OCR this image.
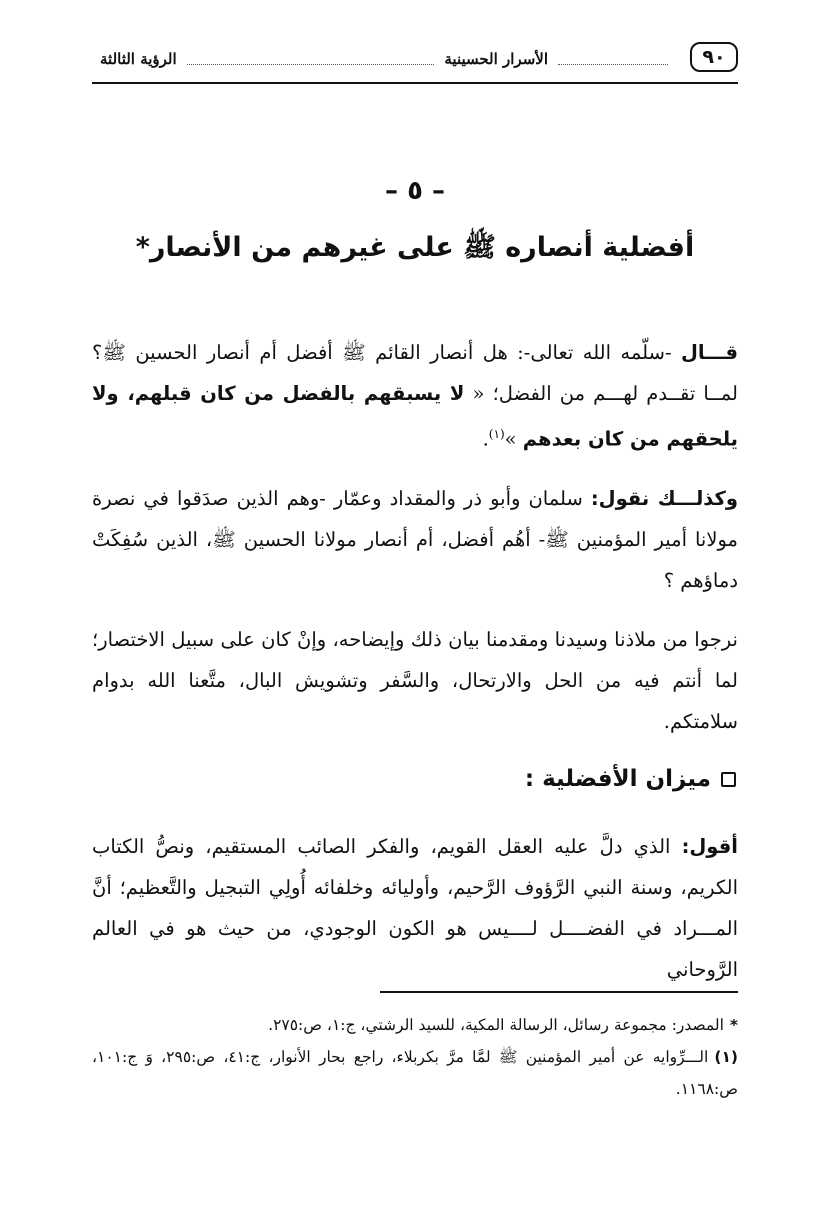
٩٠
الأسرار الحسينية
الرؤية الثالثة
– ٥ –
أفضلية أنصاره ﷺ على غيرهم من الأنصار*
قـــال -سلّمه الله تعالى-: هل أنصار القائم ﷺ أفضل أم أنصار الحسين ﷺ؟ لمــا تقــدم لهـــم من الفضل؛ « لا يسبقهم بالفضل من كان قبلهم، ولا يلحقهم من كان بعدهم »$^{(١)}$.
وكذلـــك نقول: سلمان وأبو ذر والمقداد وعمّار -وهم الذين صدَقوا في نصرة مولانا أمير المؤمنين ﷺ- أهُم أفضل، أم أنصار مولانا الحسين ﷺ، الذين سُفِكَتْ دماؤهم ؟
نرجوا من ملاذنا وسيدنا ومقدمنا بيان ذلك وإيضاحه، وإنْ كان على سبيل الاختصار؛ لما أنتم فيه من الحل والارتحال، والسَّفر وتشويش البال، متَّعنا الله بدوام سلامتكم.
ميزان الأفضلية :
أقول: الذي دلَّ عليه العقل القويم، والفكر الصائب المستقيم، ونصُّ الكتاب الكريم، وسنة النبي الرَّؤوف الرَّحيم، وأوليائه وخلفائه أُولِي التبجيل والتَّعظيم؛ أنَّ المـــراد في الفضــــل لــــيس هو الكون الوجودي، من حيث هو في العالم الرَّوحاني
*المصدر: مجموعة رسائل، الرسالة المكية، للسيد الرشتي، ج:١، ص:٢٧٥.
(١)الـــرِّوايه عن أمير المؤمنين ﷺ لمَّا مرَّ بكربلاء، راجع بحار الأنوار، ج:٤١، ص:٢٩٥، وَ ج:١٠١، ص:١١٦٨.
